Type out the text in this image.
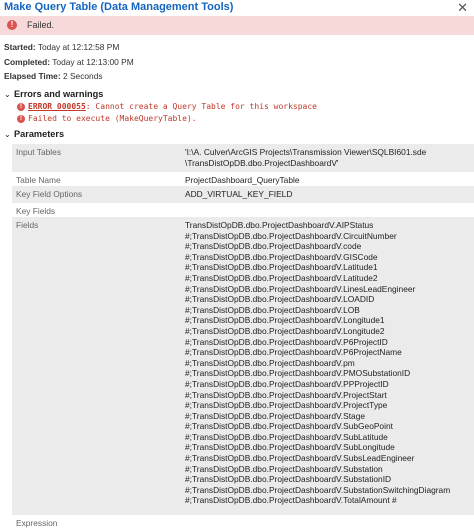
Make Query Table (Data Management Tools)	✕
!	Failed.
Started: Today at 12:12:58 PM
Completed: Today at 12:13:00 PM
Elapsed Time: 2 Seconds
⌄ Errors and warnings
! ERROR 000055: Cannot create a Query Table for this workspace
! Failed to execute (MakeQueryTable).
⌄ Parameters
Input Tables	'I:\A. Culver\ArcGIS Projects\Transmission Viewer\SQLBI601.sde
\TransDistOpDB.dbo.ProjectDashboardV'
Table Name	ProjectDashboard_QueryTable
Key Field Options	ADD_VIRTUAL_KEY_FIELD
Key Fields
Fields	TransDistOpDB.dbo.ProjectDashboardV.AIPStatus
#;TransDistOpDB.dbo.ProjectDashboardV.CircuitNumber
#;TransDistOpDB.dbo.ProjectDashboardV.code
#;TransDistOpDB.dbo.ProjectDashboardV.GISCode
#;TransDistOpDB.dbo.ProjectDashboardV.Latitude1
#;TransDistOpDB.dbo.ProjectDashboardV.Latitude2
#;TransDistOpDB.dbo.ProjectDashboardV.LinesLeadEngineer
#;TransDistOpDB.dbo.ProjectDashboardV.LOADID
#;TransDistOpDB.dbo.ProjectDashboardV.LOB
#;TransDistOpDB.dbo.ProjectDashboardV.Longitude1
#;TransDistOpDB.dbo.ProjectDashboardV.Longitude2
#;TransDistOpDB.dbo.ProjectDashboardV.P6ProjectID
#;TransDistOpDB.dbo.ProjectDashboardV.P6ProjectName
#;TransDistOpDB.dbo.ProjectDashboardV.pm
#;TransDistOpDB.dbo.ProjectDashboardV.PMOSubstationID
#;TransDistOpDB.dbo.ProjectDashboardV.PPProjectID
#;TransDistOpDB.dbo.ProjectDashboardV.ProjectStart
#;TransDistOpDB.dbo.ProjectDashboardV.ProjectType
#;TransDistOpDB.dbo.ProjectDashboardV.Stage
#;TransDistOpDB.dbo.ProjectDashboardV.SubGeoPoint
#;TransDistOpDB.dbo.ProjectDashboardV.SubLatitude
#;TransDistOpDB.dbo.ProjectDashboardV.SubLongitude
#;TransDistOpDB.dbo.ProjectDashboardV.SubsLeadEngineer
#;TransDistOpDB.dbo.ProjectDashboardV.Substation
#;TransDistOpDB.dbo.ProjectDashboardV.SubstationID
#;TransDistOpDB.dbo.ProjectDashboardV.SubstationSwitchingDiagram
#;TransDistOpDB.dbo.ProjectDashboardV.TotalAmount #
Expression
